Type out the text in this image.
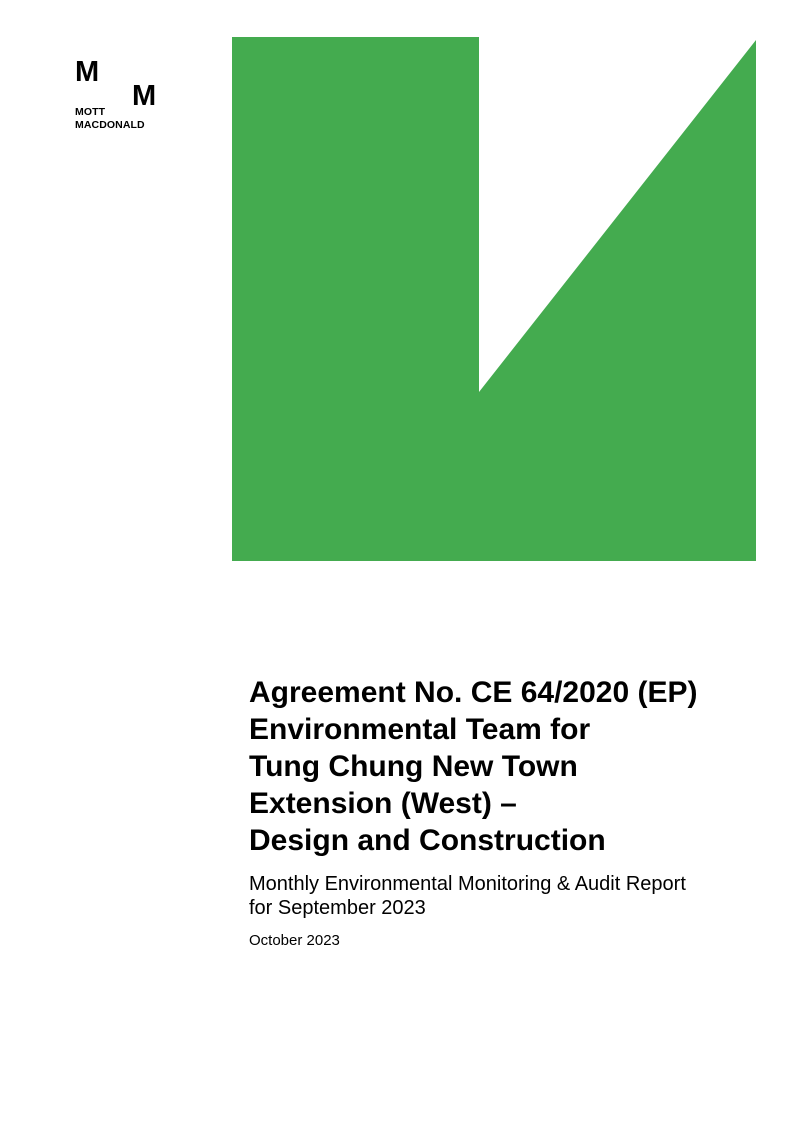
M
M
MOTT
MACDONALD
Agreement No. CE 64/2020 (EP)
Environmental Team for
Tung Chung New Town
Extension (West) –
Design and Construction
Monthly Environmental Monitoring & Audit Report
for September 2023
October 2023
